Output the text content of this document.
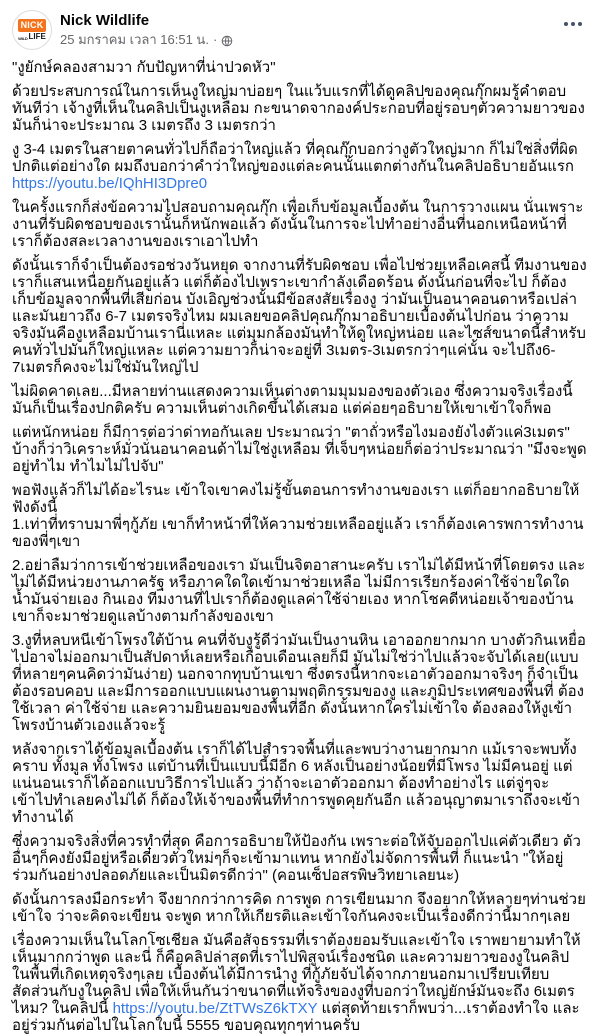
NICK
WILD LIFE
Nick Wildlife
25 มกราคม เวลา 16:51 น. ·

"งูยักษ์คลองสามวา กับปัญหาที่น่าปวดหัว"

ด้วยประสบการณ์ในการเห็นงูใหญ่มาบ่อยๆ ในแว้บแรกที่ได้ดูคลิปของคุณกุ๊กผมรู้คำตอบทันทีว่า เจ้างูที่เห็นในคลิปเป็นงูเหลือม กะขนาดจากองค์ประกอบที่อยู่รอบๆตัวความยาวของมันก็น่าจะประมาณ 3 เมตรถึง 3 เมตรกว่า

งู 3-4 เมตรในสายตาคนทั่วไปก็ถือว่าใหญ่แล้ว ที่คุณกุ๊กบอกว่างูตัวใหญ่มาก ก็ไม่ใช่สิ่งที่ผิดปกติแต่อย่างใด ผมถึงบอกว่าคำว่าใหญ่ของแต่ละคนนั้นแตกต่างกันในคลิปอธิบายอันแรก https://youtu.be/IQhHI3Dpre0

ในครั้งแรกก็ส่งข้อความไปสอบถามคุณกุ๊ก เพื่อเก็บข้อมูลเบื้องต้น ในการวางแผน นั่นเพราะงานที่รับผิดชอบของเรานั้นก็หนักพอแล้ว ดังนั้นในการจะไปทำอย่างอื่นที่นอกเหนือหน้าที่ เราก็ต้องสละเวลางานของเราเอาไปทำ

ดังนั้นเราก็จำเป็นต้องรอช่วงวันหยุด จากงานที่รับผิดชอบ เพื่อไปช่วยเหลือเคสนี้ ทีมงานของเราก็แสนเหนื่อยกันอยู่แล้ว แต่ก็ต้องไปเพราะเขากำลังเดือดร้อน ดังนั้นก่อนที่จะไป ก็ต้องเก็บข้อมูลจากพื้นที่เสียก่อน บังเอิญช่วงนั้นมีข้อสงสัยเรื่องงู ว่ามันเป็นอนาคอนดาหรือเปล่า และมันยาวถึง 6-7 เมตรจริงไหม ผมเลยขอคลิปคุณกุ๊กมาอธิบายเบื้องต้นไปก่อน ว่าความจริงมันคืองูเหลือมบ้านเรานี่แหละ แต่มุมกล้องมันทำให้ดูใหญ่หน่อย และไซส์ขนาดนี้สำหรับคนทั่วไปมันก็ใหญ่แหละ แต่ความยาวก็น่าจะอยู่ที่ 3เมตร-3เมตรกว่าๆแค่นั้น จะไปถึง6-7เมตรก็คงจะไม่ใช่มันใหญ่ไป

ไม่ผิดคาดเลย...มีหลายท่านแสดงความเห็นต่างตามมุมมองของตัวเอง ซึ่งความจริงเรื่องนี้มันก็เป็นเรื่องปกติครับ ความเห็นต่างเกิดขึ้นได้เสมอ แต่ค่อยๆอธิบายให้เขาเข้าใจก็พอ

แต่หนักหน่อย ก็มีการต่อว่าด่าทอกันเลย ประมาณว่า "ตาถั่วหรือไงมองยังไงตัวแค่3เมตร" บ้างก็ว่าวิเคราะห์มั่วนั่นอนาคอนด้าไม่ใช่งูเหลือม ที่เจ็บๆหน่อยก็ต่อว่าประมาณว่า "มึงจะพูดอยู่ทำไม ทำไมไม่ไปจับ"

พอฟังแล้วก็ไม่ได้อะไรนะ เข้าใจเขาคงไม่รู้ขั้นตอนการทำงานของเรา แต่ก็อยากอธิบายให้ฟังดังนี้
1.เท่าที่ทราบมาพี่ๆกู้ภัย เขาก็ทำหน้าที่ให้ความช่วยเหลืออยู่แล้ว เราก็ต้องเคารพการทำงานของพี่ๆเขา

2.อย่าลืมว่าการเข้าช่วยเหลือของเรา มันเป็นจิตอาสานะครับ เราไม่ได้มีหน้าที่โดยตรง และไม่ได้มีหน่วยงานภาครัฐ หรือภาคใดใดเข้ามาช่วยเหลือ ไม่มีการเรียกร้องค่าใช้จ่ายใดใด น้ำมันจ่ายเอง กินเอง ทีมงานที่ไปเราก็ต้องดูแลค่าใช้จ่ายเอง หากโชคดีหน่อยเจ้าของบ้านเขาก็จะมาช่วยดูแลบ้างตามกำลังของเขา

3.งูที่หลบหนีเข้าโพรงใต้บ้าน คนที่จับงูรู้ดีว่ามันเป็นงานหิน เอาออกยากมาก บางตัวกินเหยื่อไปอาจไม่ออกมาเป็นสัปดาห์เลยหรือเกือบเดือนเลยก็มี มันไม่ใช่ว่าไปแล้วจะจับได้เลย(แบบที่หลายๆคนคิดว่ามันง่าย) นอกจากทุบบ้านเขา ซึ่งตรงนี้หากจะเอาตัวออกมาจริงๆ ก็จำเป็นต้องรอบคอบ และมีการออกแบบแผนงานตามพฤติกรรมของงู และภูมิประเทศของพื้นที่ ต้องใช้เวลา ค่าใช้จ่าย และความยินยอมของพื้นที่อีก ดังนั้นหากใครไม่เข้าใจ ต้องลองให้งูเข้าโพรงบ้านตัวเองแล้วจะรู้

หลังจากเราได้ข้อมูลเบื้องต้น เราก็ได้ไปสำรวจพื้นที่และพบว่างานยากมาก แม้เราจะพบทั้งคราบ ทั้งมูล ทั้งโพรง แต่บ้านที่เป็นแบบนี้มีอีก 6 หลังเป็นอย่างน้อยที่มีโพรง ไม่มีคนอยู่ แต่แน่นอนเราก็ได้ออกแบบวิธีการไปแล้ว ว่าถ้าจะเอาตัวออกมา ต้องทำอย่างไร แต่จู่ๆจะเข้าไปทำเลยคงไม่ได้ ก็ต้องให้เจ้าของพื้นที่ทำการพูดคุยกันอีก แล้วอนุญาตมาเราถึงจะเข้าทำงานได้

ซึ่งความจริงสิ่งที่ควรทำที่สุด คือการอธิบายให้ป้องกัน เพราะต่อให้จับออกไปแค่ตัวเดียว ตัวอื่นๆก็คงยังมีอยู่หรือเดี๋ยวตัวใหม่ๆก็จะเข้ามาแทน หากยังไม่จัดการพื้นที่ ก็แนะนำ "ให้อยู่ร่วมกันอย่างปลอดภัยและเป็นมิตรดีกว่า" (คอนเซ็ปอสรพิษวิทยาเลยนะ)

ดังนั้นการลงมือกระทำ จึงยากกว่าการคิด การพูด การเขียนมาก จึงอยากให้หลายๆท่านช่วยเข้าใจ ว่าจะคิดจะเขียน จะพูด หากให้เกียรติและเข้าใจกันคงจะเป็นเรื่องดีกว่านี้มากๆเลย

เรื่องความเห็นในโลกโซเชียล มันคือสัจธรรมที่เราต้องยอมรับและเข้าใจ เราพยายามทำให้เห็นมากกว่าพูด และนี่ ก็คือคลิปล่าสุดที่เราไปพิสูจน์เรื่องชนิด และความยาวของงูในคลิป ในพื้นที่เกิดเหตุจริงๆเลย เบื้องต้นได้มีการนำงู ที่กู้ภัยจับได้จากภายนอกมาเปรียบเทียบสัดส่วนกับงูในคลิป เพื่อให้เห็นกันว่าขนาดที่แท้จริงของงูที่บอกว่าใหญ่ยักษ์มันจะถึง 6เมตรไหม? ในคลิปนี้ https://youtu.be/ZtTWsZ6kTXY แต่สุดท้ายเราก็พบว่า...เราต้องทำใจ และอยู่ร่วมกันต่อไปในโลกใบนี้ 5555 ขอบคุณทุกๆท่านครับ
